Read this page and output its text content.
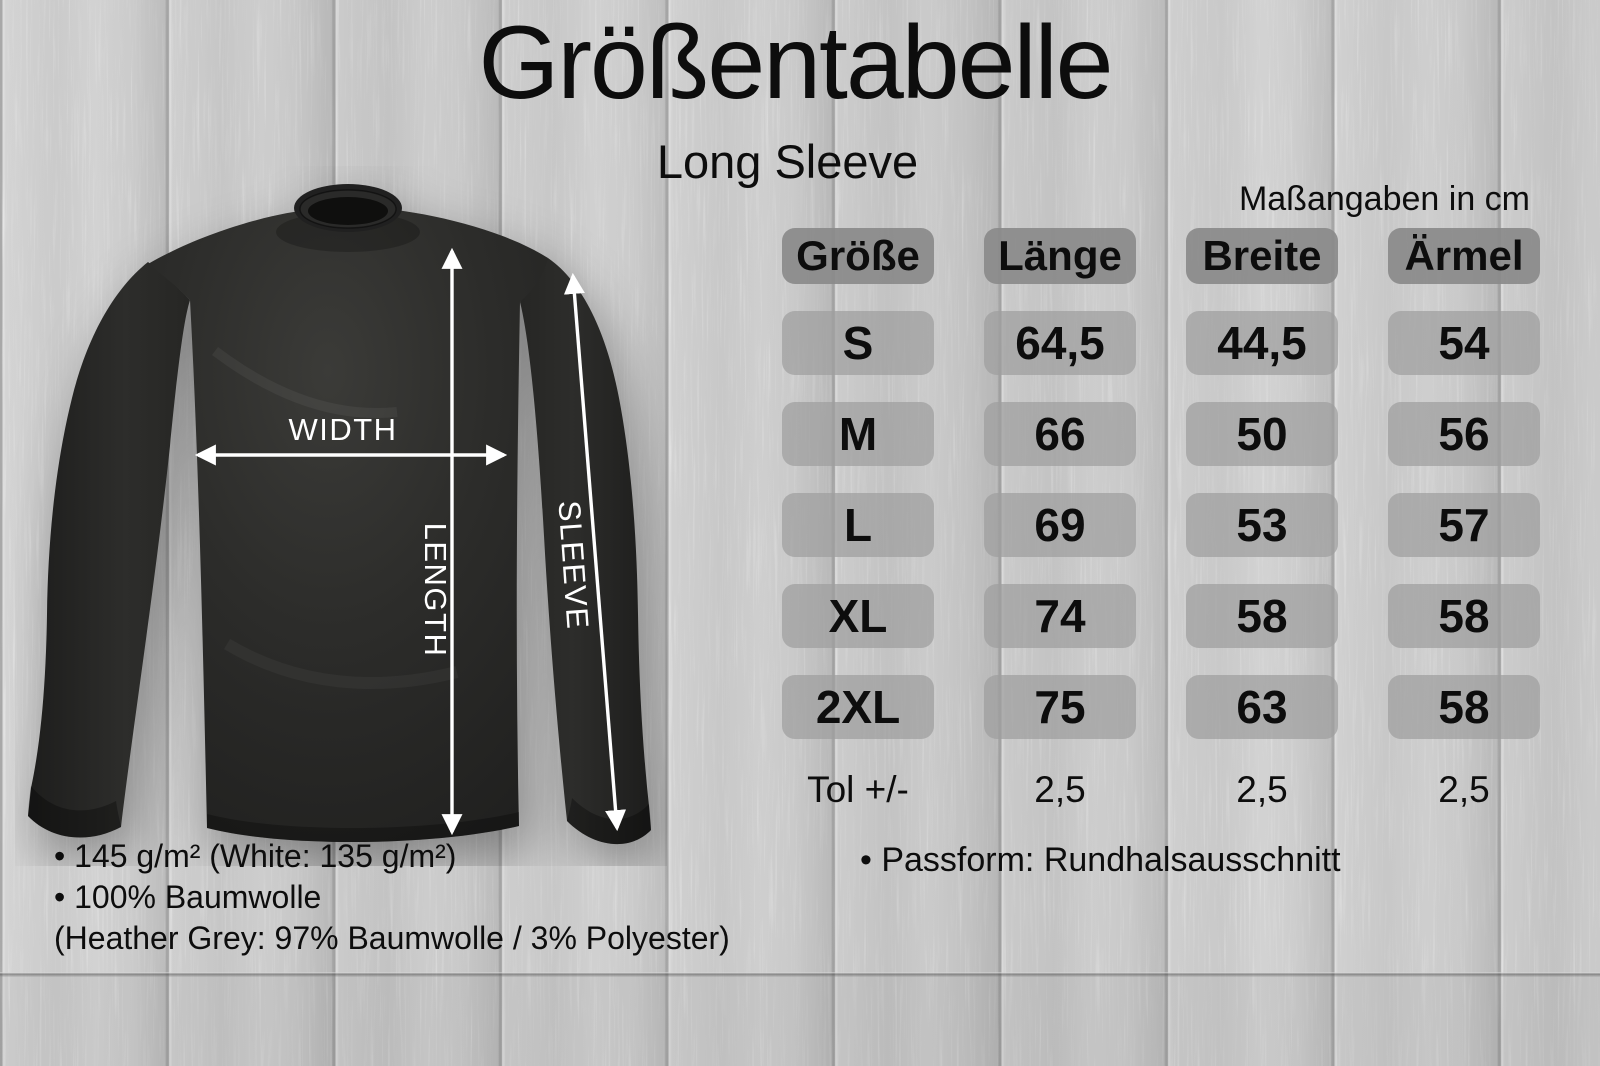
Größentabelle
Long Sleeve
Maßangaben in cm
WIDTH
LENGTH	SLEEVE
Größe	Länge	Breite	Ärmel
S	64,5	44,5	54
M	66	50	56
L	69	53	57
XL	74	58	58
2XL	75	63	58
Tol +/-	2,5	2,5	2,5
• 145 g/m² (White: 135 g/m²)
• 100% Baumwolle
(Heather Grey: 97% Baumwolle / 3% Polyester)
• Passform: Rundhalsausschnitt
